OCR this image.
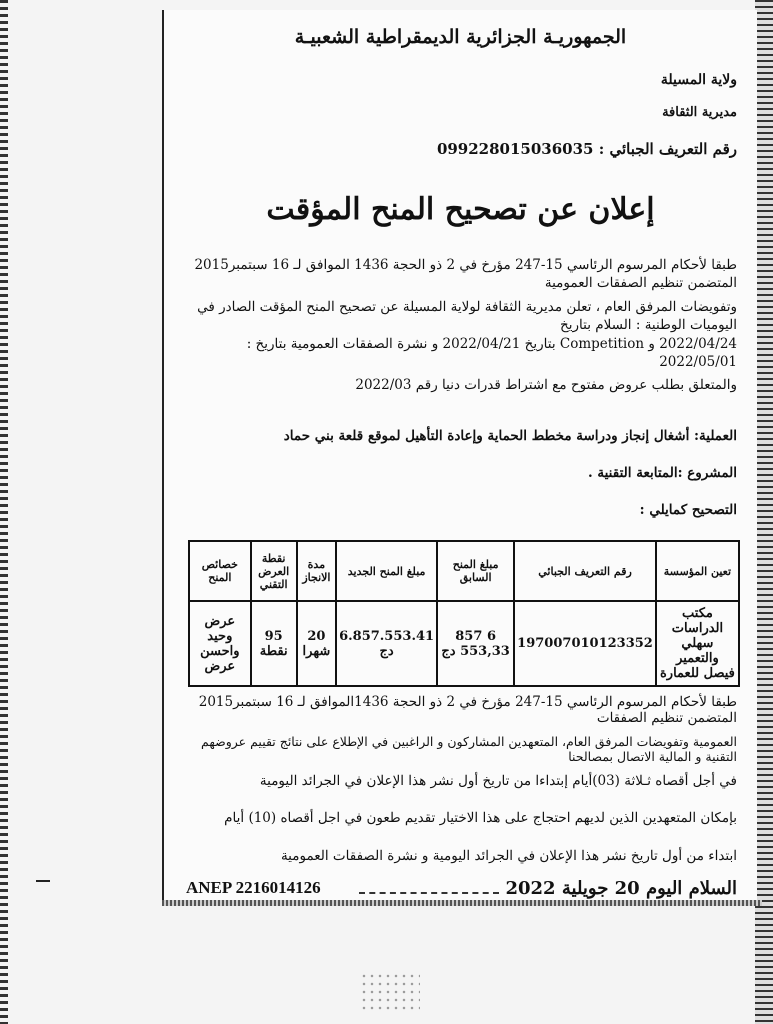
الجمهوريـة الجزائرية الديمقراطية الشعبيـة
ولاية المسيلة
مديرية الثقافة
رقم التعريف الجبائي : 099228015036035
إعلان عن تصحيح المنح المؤقت
طبقا لأحكام المرسوم الرئاسي 15-247 مؤرخ في 2 ذو الحجة 1436 الموافق لـ 16 سبتمبر2015 المتضمن تنظيم الصفقات العمومية
وتفويضات المرفق العام ، تعلن مديرية الثقافة لولاية المسيلة عن تصحيح المنح المؤقت الصادر في اليوميات الوطنية : السلام بتاريخ
2022/04/24 و Competition بتاريخ 2022/04/21 و نشرة الصفقات العمومية بتاريخ : 2022/05/01
والمتعلق بطلب عروض مفتوح مع اشتراط قدرات دنيا رقم 2022/03
العملية: أشغال إنجاز ودراسة مخطط الحماية وإعادة التأهيل لموقع قلعة بني حماد
المشروع :المتابعة التقنية .
التصحيح كمايلي :
تعين المؤسسة	رقم التعريف الجبائي	مبلغ المنح السابق	مبلغ المنح الجديد	مدة الانجاز	نقطة العرض التقني	خصائص المنح
مكتب الدراسات سهلي والتعمير فيصل للعمارة	197007010123352	6 857 553,33 دج	6.857.553.41 دج	20 شهرا	95 نقطة	عرض وحيد واحسن عرض
طبقا لأحكام المرسوم الرئاسي 15-247 مؤرخ في 2 ذو الحجة 1436الموافق لـ 16 سبتمبر2015 المتضمن تنظيم الصفقات
العمومية وتفويضات المرفق العام، المتعهدين المشاركون و الراغبين في الإطلاع على نتائج تقييم عروضهم التقنية و المالية الاتصال بمصالحنا
في أجل أقصاه ثـلاثة (03)أيام إبتداءا من تاريخ أول نشر هذا الإعلان في الجرائد اليومية
بإمكان المتعهدين الذين لديهم احتجاج على هذا الاختيار تقديم طعون في اجل أقصاه (10) أيام
ابتداء من أول تاريخ نشر هذا الإعلان في الجرائد اليومية و نشرة الصفقات العمومية
ANEP 2216014126	السلام اليوم 20 جويلية 2022
